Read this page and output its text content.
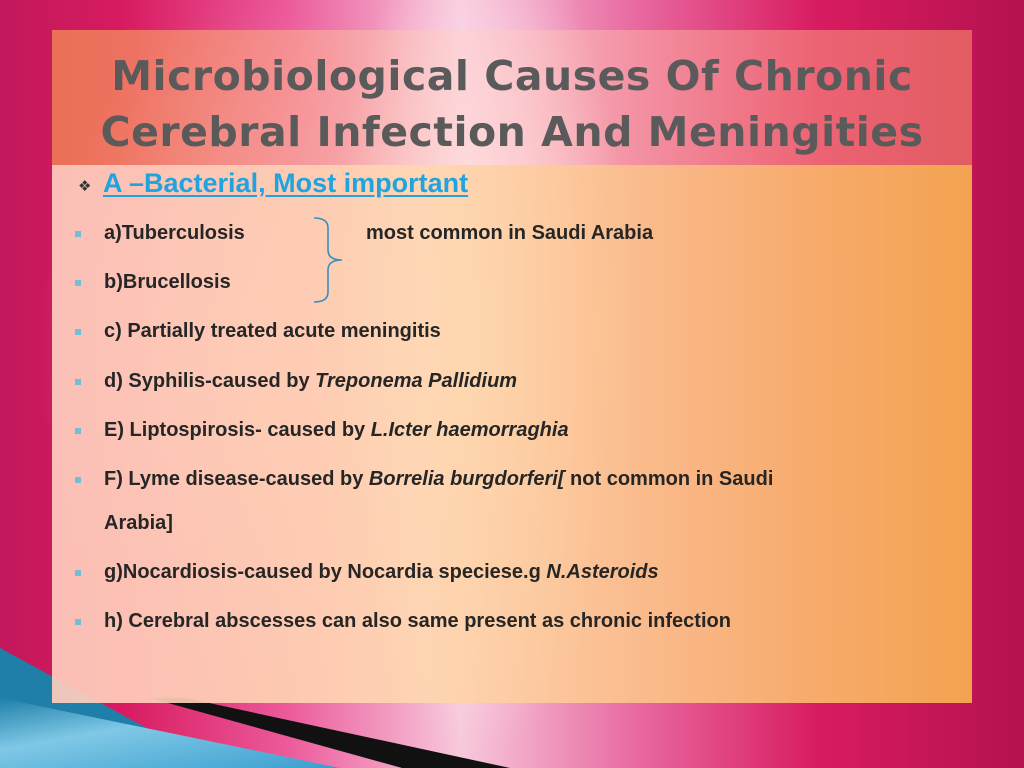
Microbiological Causes Of Chronic
Cerebral Infection And Meningities
❖ A –Bacterial, Most important
a)Tuberculosis	most common in Saudi Arabia
b)Brucellosis
c) Partially treated acute meningitis
d) Syphilis-caused by Treponema Pallidium
E) Liptospirosis- caused by L.Icter haemorraghia
F) Lyme disease-caused by Borrelia burgdorferi[ not common in Saudi
Arabia]
g)Nocardiosis-caused by Nocardia speciese.g N.Asteroids
h) Cerebral abscesses can also same present as chronic infection
